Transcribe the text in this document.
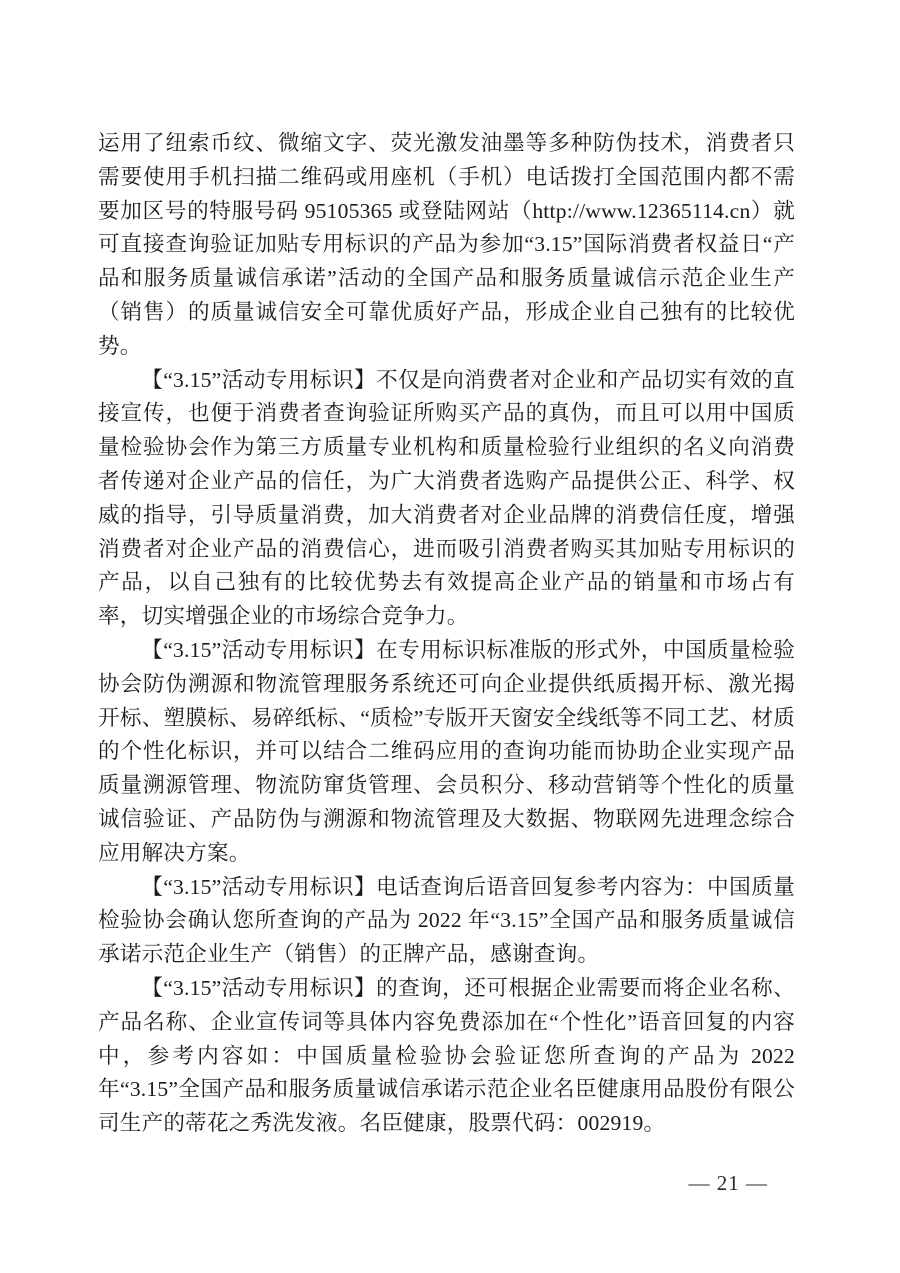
运用了纽索币纹、微缩文字、荧光激发油墨等多种防伪技术，消费者只需要使用手机扫描二维码或用座机（手机）电话拨打全国范围内都不需要加区号的特服号码 95105365 或登陆网站（http://www.12365114.cn）就可直接查询验证加贴专用标识的产品为参加“3.15”国际消费者权益日“产品和服务质量诚信承诺”活动的全国产品和服务质量诚信示范企业生产（销售）的质量诚信安全可靠优质好产品，形成企业自己独有的比较优势。

【“3.15”活动专用标识】不仅是向消费者对企业和产品切实有效的直接宣传，也便于消费者查询验证所购买产品的真伪，而且可以用中国质量检验协会作为第三方质量专业机构和质量检验行业组织的名义向消费者传递对企业产品的信任，为广大消费者选购产品提供公正、科学、权威的指导，引导质量消费，加大消费者对企业品牌的消费信任度，增强消费者对企业产品的消费信心，进而吸引消费者购买其加贴专用标识的产品，以自己独有的比较优势去有效提高企业产品的销量和市场占有率，切实增强企业的市场综合竞争力。

【“3.15”活动专用标识】在专用标识标准版的形式外，中国质量检验协会防伪溯源和物流管理服务系统还可向企业提供纸质揭开标、激光揭开标、塑膜标、易碎纸标、“质检”专版开天窗安全线纸等不同工艺、材质的个性化标识，并可以结合二维码应用的查询功能而协助企业实现产品质量溯源管理、物流防窜货管理、会员积分、移动营销等个性化的质量诚信验证、产品防伪与溯源和物流管理及大数据、物联网先进理念综合应用解决方案。

【“3.15”活动专用标识】电话查询后语音回复参考内容为：中国质量检验协会确认您所查询的产品为 2022 年“3.15”全国产品和服务质量诚信承诺示范企业生产（销售）的正牌产品，感谢查询。

【“3.15”活动专用标识】的查询，还可根据企业需要而将企业名称、产品名称、企业宣传词等具体内容免费添加在“个性化”语音回复的内容中，参考内容如：中国质量检验协会验证您所查询的产品为 2022 年“3.15”全国产品和服务质量诚信承诺示范企业名臣健康用品股份有限公司生产的蒂花之秀洗发液。名臣健康，股票代码：002919。

— 21 —
